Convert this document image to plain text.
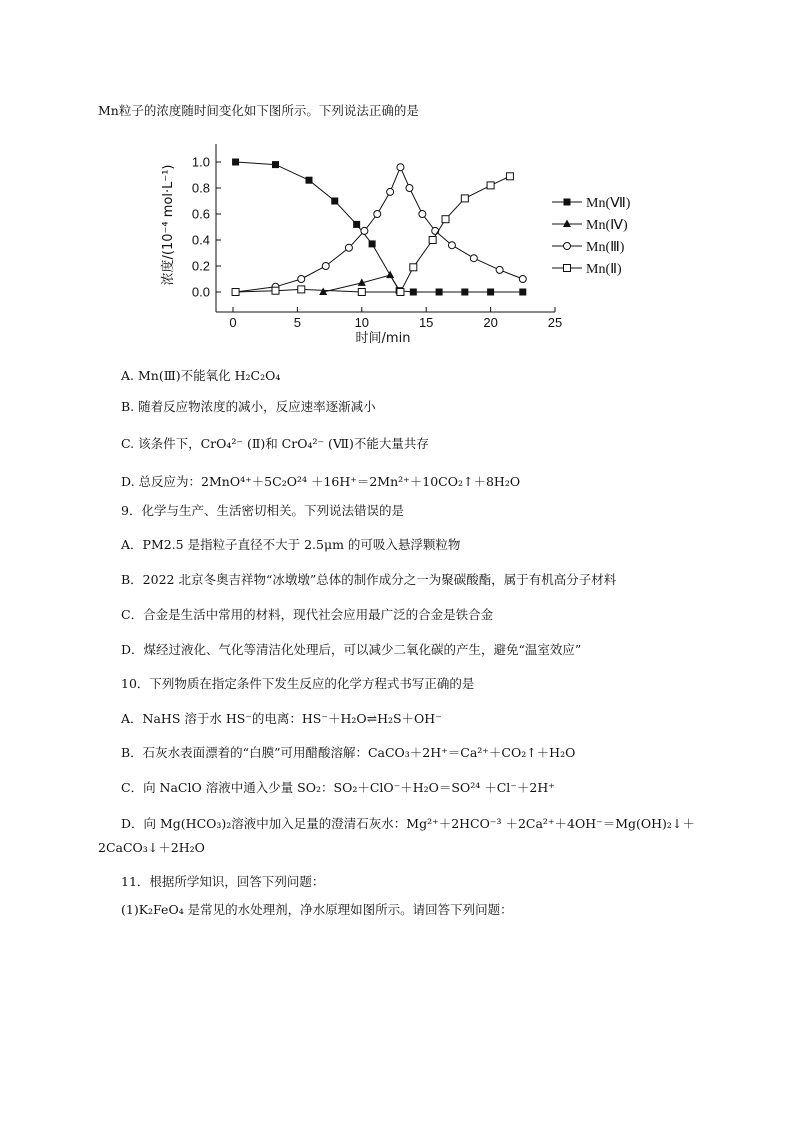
Mn粒子的浓度随时间变化如下图所示。下列说法正确的是
0	5	10	15	20	25
0.0
0.2
0.4
0.6
0.8
1.0
Mn(Ⅶ)
Mn(Ⅳ)
Mn(Ⅲ)
Mn(Ⅱ)
时间/min
浓度/(10⁻⁴ mol·L⁻¹)
A. Mn(Ⅲ)不能氧化 H₂C₂O₄
B. 随着反应物浓度的减小，反应速率逐渐减小
C. 该条件下，CrO₄²⁻ (Ⅱ)和 CrO₄²⁻ (Ⅶ)不能大量共存
D. 总反应为：2MnO⁴⁺＋5C₂O²⁴ ＋16H⁺＝2Mn²⁺＋10CO₂↑＋8H₂O
9．化学与生产、生活密切相关。下列说法错误的是
A．PM2.5 是指粒子直径不大于 2.5μm 的可吸入悬浮颗粒物
B．2022 北京冬奥吉祥物“冰墩墩”总体的制作成分之一为聚碳酸酯，属于有机高分子材料
C．合金是生活中常用的材料，现代社会应用最广泛的合金是铁合金
D．煤经过液化、气化等清洁化处理后，可以减少二氧化碳的产生，避免“温室效应”
10．下列物质在指定条件下发生反应的化学方程式书写正确的是
A．NaHS 溶于水 HS⁻的电离：HS⁻＋H₂O⇌H₂S＋OH⁻
B．石灰水表面漂着的“白膜”可用醋酸溶解：CaCO₃＋2H⁺＝Ca²⁺＋CO₂↑＋H₂O
C．向 NaClO 溶液中通入少量 SO₂：SO₂＋ClO⁻＋H₂O＝SO²⁴ ＋Cl⁻＋2H⁺
D．向 Mg(HCO₃)₂溶液中加入足量的澄清石灰水：Mg²⁺＋2HCO⁻³ ＋2Ca²⁺＋4OH⁻＝Mg(OH)₂↓＋
2CaCO₃↓＋2H₂O
11．根据所学知识，回答下列问题：
(1)K₂FeO₄ 是常见的水处理剂，净水原理如图所示。请回答下列问题：
